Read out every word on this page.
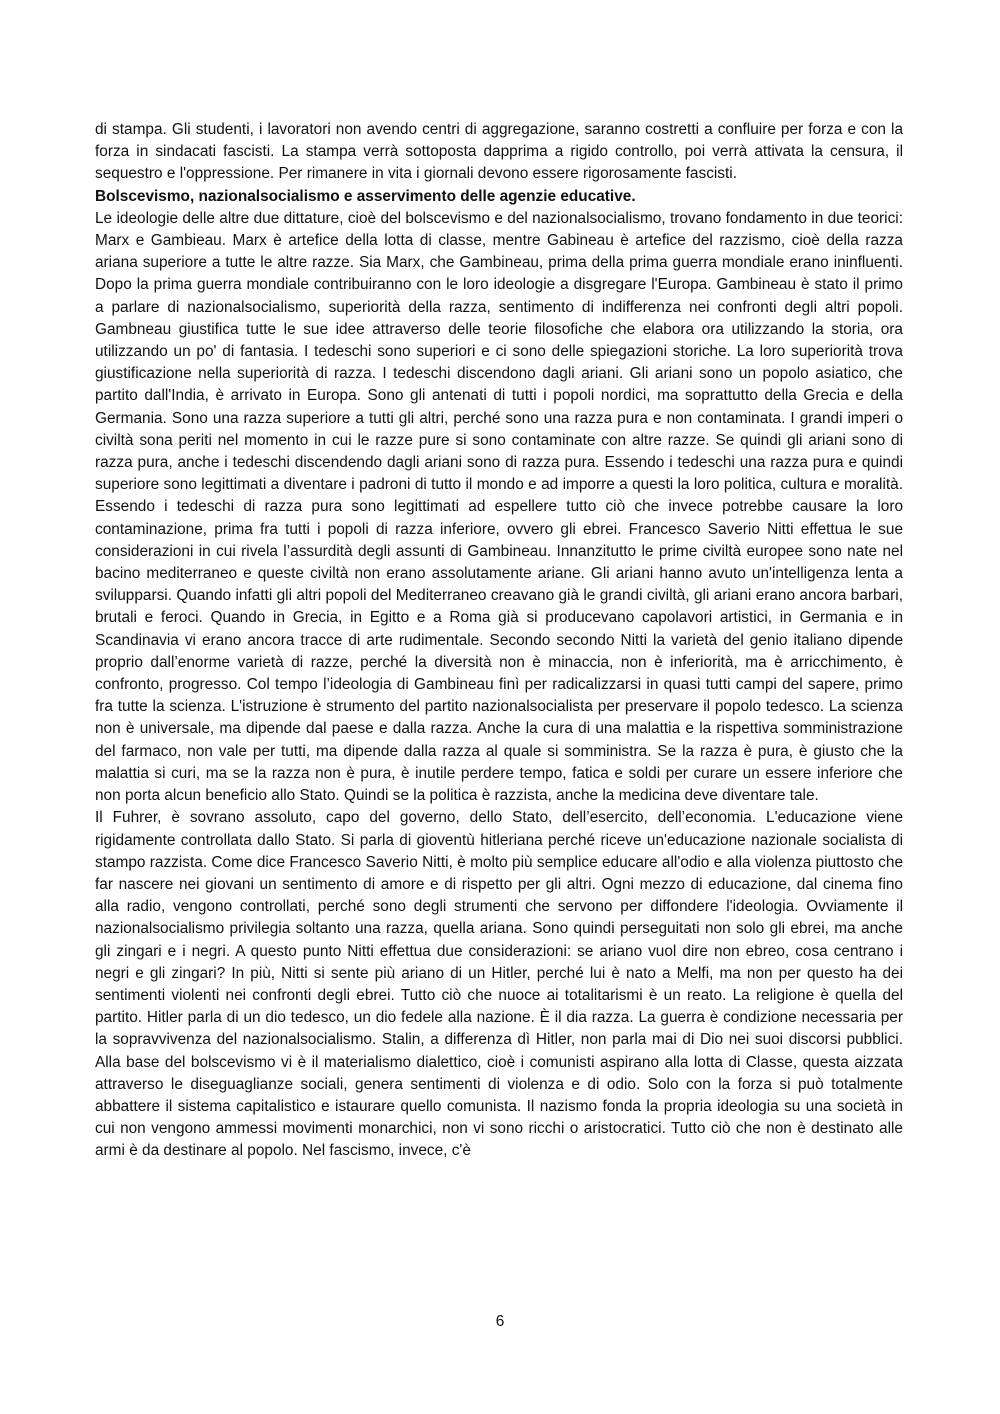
di stampa. Gli studenti, i lavoratori non avendo centri di aggregazione, saranno costretti a confluire per forza e con la forza in sindacati fascisti. La stampa verrà sottoposta dapprima a rigido controllo, poi verrà attivata la censura, il sequestro e l'oppressione. Per rimanere in vita i giornali devono essere rigorosamente fascisti.

Bolscevismo, nazionalsocialismo e asservimento delle agenzie educative.

Le ideologie delle altre due dittature, cioè del bolscevismo e del nazionalsocialismo, trovano fondamento in due teorici: Marx e Gambieau. Marx è artefice della lotta di classe, mentre Gabineau è artefice del razzismo, cioè della razza ariana superiore a tutte le altre razze. Sia Marx, che Gambineau, prima della prima guerra mondiale erano ininfluenti. Dopo la prima guerra mondiale contribuiranno con le loro ideologie a disgregare l'Europa. Gambineau è stato il primo a parlare di nazionalsocialismo, superiorità della razza, sentimento di indifferenza nei confronti degli altri popoli. Gambneau giustifica tutte le sue idee attraverso delle teorie filosofiche che elabora ora utilizzando la storia, ora utilizzando un po' di fantasia. I tedeschi sono superiori e ci sono delle spiegazioni storiche. La loro superiorità trova giustificazione nella superiorità di razza. I tedeschi discendono dagli ariani. Gli ariani sono un popolo asiatico, che partito dall'India, è arrivato in Europa. Sono gli antenati di tutti i popoli nordici, ma soprattutto della Grecia e della Germania. Sono una razza superiore a tutti gli altri, perché sono una razza pura e non contaminata. I grandi imperi o civiltà sona periti nel momento in cui le razze pure si sono contaminate con altre razze. Se quindi gli ariani sono di razza pura, anche i tedeschi discendendo dagli ariani sono di razza pura. Essendo i tedeschi una razza pura e quindi superiore sono legittimati a diventare i padroni di tutto il mondo e ad imporre a questi la loro politica, cultura e moralità. Essendo i tedeschi di razza pura sono legittimati ad espellere tutto ciò che invece potrebbe causare la loro contaminazione, prima fra tutti i popoli di razza inferiore, ovvero gli ebrei. Francesco Saverio Nitti effettua le sue considerazioni in cui rivela l’assurdità degli assunti di Gambineau. Innanzitutto le prime civiltà europee sono nate nel bacino mediterraneo e queste civiltà non erano assolutamente ariane. Gli ariani hanno avuto un'intelligenza lenta a svilupparsi. Quando infatti gli altri popoli del Mediterraneo creavano già le grandi civiltà, gli ariani erano ancora barbari, brutali e feroci. Quando in Grecia, in Egitto e a Roma già si producevano capolavori artistici, in Germania e in Scandinavia vi erano ancora tracce di arte rudimentale. Secondo secondo Nitti la varietà del genio italiano dipende proprio dall’enorme varietà di razze, perché la diversità non è minaccia, non è inferiorità, ma è arricchimento, è confronto, progresso. Col tempo l’ideologia di Gambineau finì per radicalizzarsi in quasi tutti campi del sapere, primo fra tutte la scienza. L'istruzione è strumento del partito nazionalsocialista per preservare il popolo tedesco. La scienza non è universale, ma dipende dal paese e dalla razza. Anche la cura di una malattia e la rispettiva somministrazione del farmaco, non vale per tutti, ma dipende dalla razza al quale si somministra. Se la razza è pura, è giusto che la malattia si curi, ma se la razza non è pura, è inutile perdere tempo, fatica e soldi per curare un essere inferiore che non porta alcun beneficio allo Stato. Quindi se la politica è razzista, anche la medicina deve diventare tale.

Il Fuhrer, è sovrano assoluto, capo del governo, dello Stato, dell’esercito, dell’economia. L'educazione viene rigidamente controllata dallo Stato. Si parla di gioventù hitleriana perché riceve un'educazione nazionale socialista di stampo razzista. Come dice Francesco Saverio Nitti, è molto più semplice educare all'odio e alla violenza piuttosto che far nascere nei giovani un sentimento di amore e di rispetto per gli altri. Ogni mezzo di educazione, dal cinema fino alla radio, vengono controllati, perché sono degli strumenti che servono per diffondere l'ideologia. Ovviamente il nazionalsocialismo privilegia soltanto una razza, quella ariana. Sono quindi perseguitati non solo gli ebrei, ma anche gli zingari e i negri. A questo punto Nitti effettua due considerazioni: se ariano vuol dire non ebreo, cosa centrano i negri e gli zingari? In più, Nitti si sente più ariano di un Hitler, perché lui è nato a Melfi, ma non per questo ha dei sentimenti violenti nei confronti degli ebrei. Tutto ciò che nuoce ai totalitarismi è un reato. La religione è quella del partito. Hitler parla di un dio tedesco, un dio fedele alla nazione. È il dia razza. La guerra è condizione necessaria per la sopravvivenza del nazionalsocialismo. Stalin, a differenza dì Hitler, non parla mai di Dio nei suoi discorsi pubblici. Alla base del bolscevismo vi è il materialismo dialettico, cioè i comunisti aspirano alla lotta di Classe, questa aizzata attraverso le diseguaglianze sociali, genera sentimenti di violenza e di odio. Solo con la forza si può totalmente abbattere il sistema capitalistico e istaurare quello comunista. Il nazismo fonda la propria ideologia su una società in cui non vengono ammessi movimenti monarchici, non vi sono ricchi o aristocratici. Tutto ciò che non è destinato alle armi è da destinare al popolo. Nel fascismo, invece, c'è

6
